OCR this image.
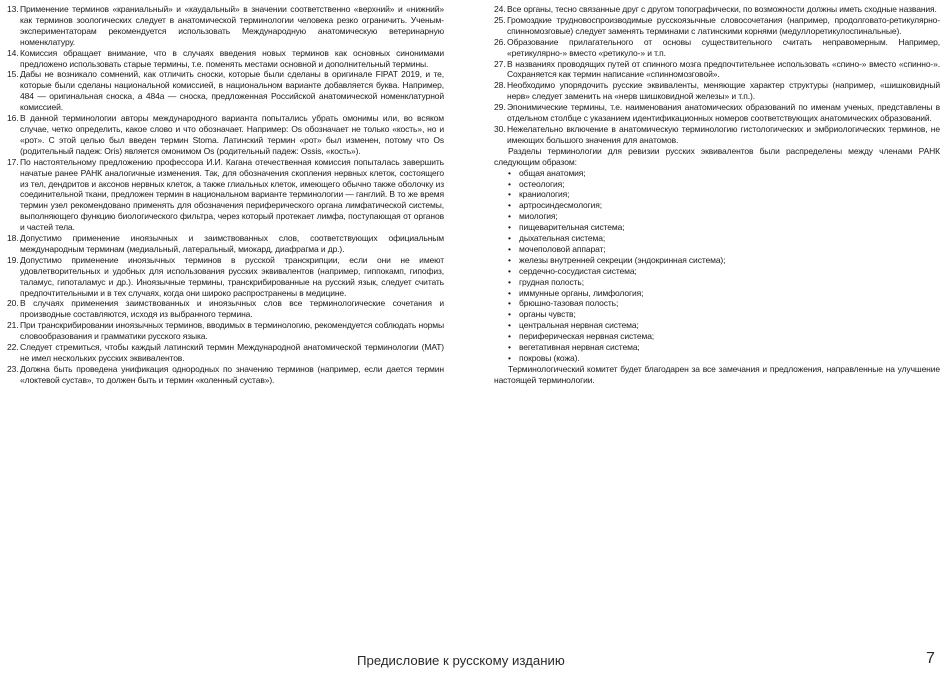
13. Применение терминов «краниальный» и «каудальный» в значении соответственно «верхний» и «нижний» как терминов зоологических следует в анатомической терминологии человека резко ограничить. Ученым-экспериментаторам рекомендуется использовать Международную анатомическую ветеринарную номенклатуру.
14. Комиссия обращает внимание, что в случаях введения новых терминов как основных синонимами предложено использовать старые термины, т.е. поменять местами основной и дополнительный термины.
15. Дабы не возникало сомнений, как отличить сноски, которые были сделаны в оригинале FIPAT 2019, и те, которые были сделаны национальной комиссией, в национальном варианте добавляется буква. Например, 484 — оригинальная сноска, а 484а — сноска, предложенная Российской анатомической номенклатурной комиссией.
16. В данной терминологии авторы международного варианта попытались убрать омонимы или, во всяком случае, четко определить, какое слово и что обозначает. Например: Os обозначает не только «кость», но и «рот». С этой целью был введен термин Stoma. Латинский термин «рот» был изменен, потому что Os (родительный падеж: Oris) является омонимом Os (родительный падеж: Ossis, «кость»).
17. По настоятельному предложению профессора И.И. Кагана отечественная комиссия попыталась завершить начатые ранее РАНК аналогичные изменения. Так, для обозначения скопления нервных клеток, состоящего из тел, дендритов и аксонов нервных клеток, а также глиальных клеток, имеющего обычно также оболочку из соединительной ткани, предложен термин в национальном варианте терминологии — ганглий. В то же время термин узел рекомендовано применять для обозначения периферического органа лимфатической системы, выполняющего функцию биологического фильтра, через который протекает лимфа, поступающая от органов и частей тела.
18. Допустимо применение иноязычных и заимствованных слов, соответствующих официальным международным терминам (медиальный, латеральный, миокард, диафрагма и др.).
19. Допустимо применение иноязычных терминов в русской транскрипции, если они не имеют удовлетворительных и удобных для использования русских эквивалентов (например, гиппокамп, гипофиз, таламус, гипоталамус и др.). Иноязычные термины, транскрибированные на русский язык, следует считать предпочтительными и в тех случаях, когда они широко распространены в медицине.
20. В случаях применения заимствованных и иноязычных слов все терминологические сочетания и производные составляются, исходя из выбранного термина.
21. При транскрибировании иноязычных терминов, вводимых в терминологию, рекомендуется соблюдать нормы словообразования и грамматики русского языка.
22. Следует стремиться, чтобы каждый латинский термин Международной анатомической терминологии (МАТ) не имел нескольких русских эквивалентов.
23. Должна быть проведена унификация однородных по значению терминов (например, если дается термин «локтевой сустав», то должен быть и термин «коленный сустав»).
24. Все органы, тесно связанные друг с другом топографически, по возможности должны иметь сходные названия.
25. Громоздкие трудновоспроизводимые русскоязычные словосочетания (например, продолговато-ретикулярно-спинномозговые) следует заменять терминами с латинскими корнями (медуллоретикулоспинальные).
26. Образование прилагательного от основы существительного считать неправомерным. Например, «ретикулярно-» вместо «ретикуло-» и т.п.
27. В названиях проводящих путей от спинного мозга предпочтительнее использовать «спино-» вместо «спинно-». Сохраняется как термин написание «спинномозговой».
28. Необходимо упорядочить русские эквиваленты, меняющие характер структуры (например, «шишковидный нерв» следует заменить на «нерв шишковидной железы» и т.п.).
29. Эпонимические термины, т.е. наименования анатомических образований по именам ученых, представлены в отдельном столбце с указанием идентификационных номеров соответствующих анатомических образований.
30. Нежелательно включение в анатомическую терминологию гистологических и эмбриологических терминов, не имеющих большого значения для анатомов.
Разделы терминологии для ревизии русских эквивалентов были распределены между членами РАНК следующим образом:
• общая анатомия;
• остеология;
• краниология;
• артросиндесмология;
• миология;
• пищеварительная система;
• дыхательная система;
• мочеполовой аппарат;
• железы внутренней секреции (эндокринная система);
• сердечно-сосудистая система;
• грудная полость;
• иммунные органы, лимфология;
• брюшно-тазовая полость;
• органы чувств;
• центральная нервная система;
• периферическая нервная система;
• вегетативная нервная система;
• покровы (кожа).
Терминологический комитет будет благодарен за все замечания и предложения, направленные на улучшение настоящей терминологии.
Предисловие к русскому изданию	7
